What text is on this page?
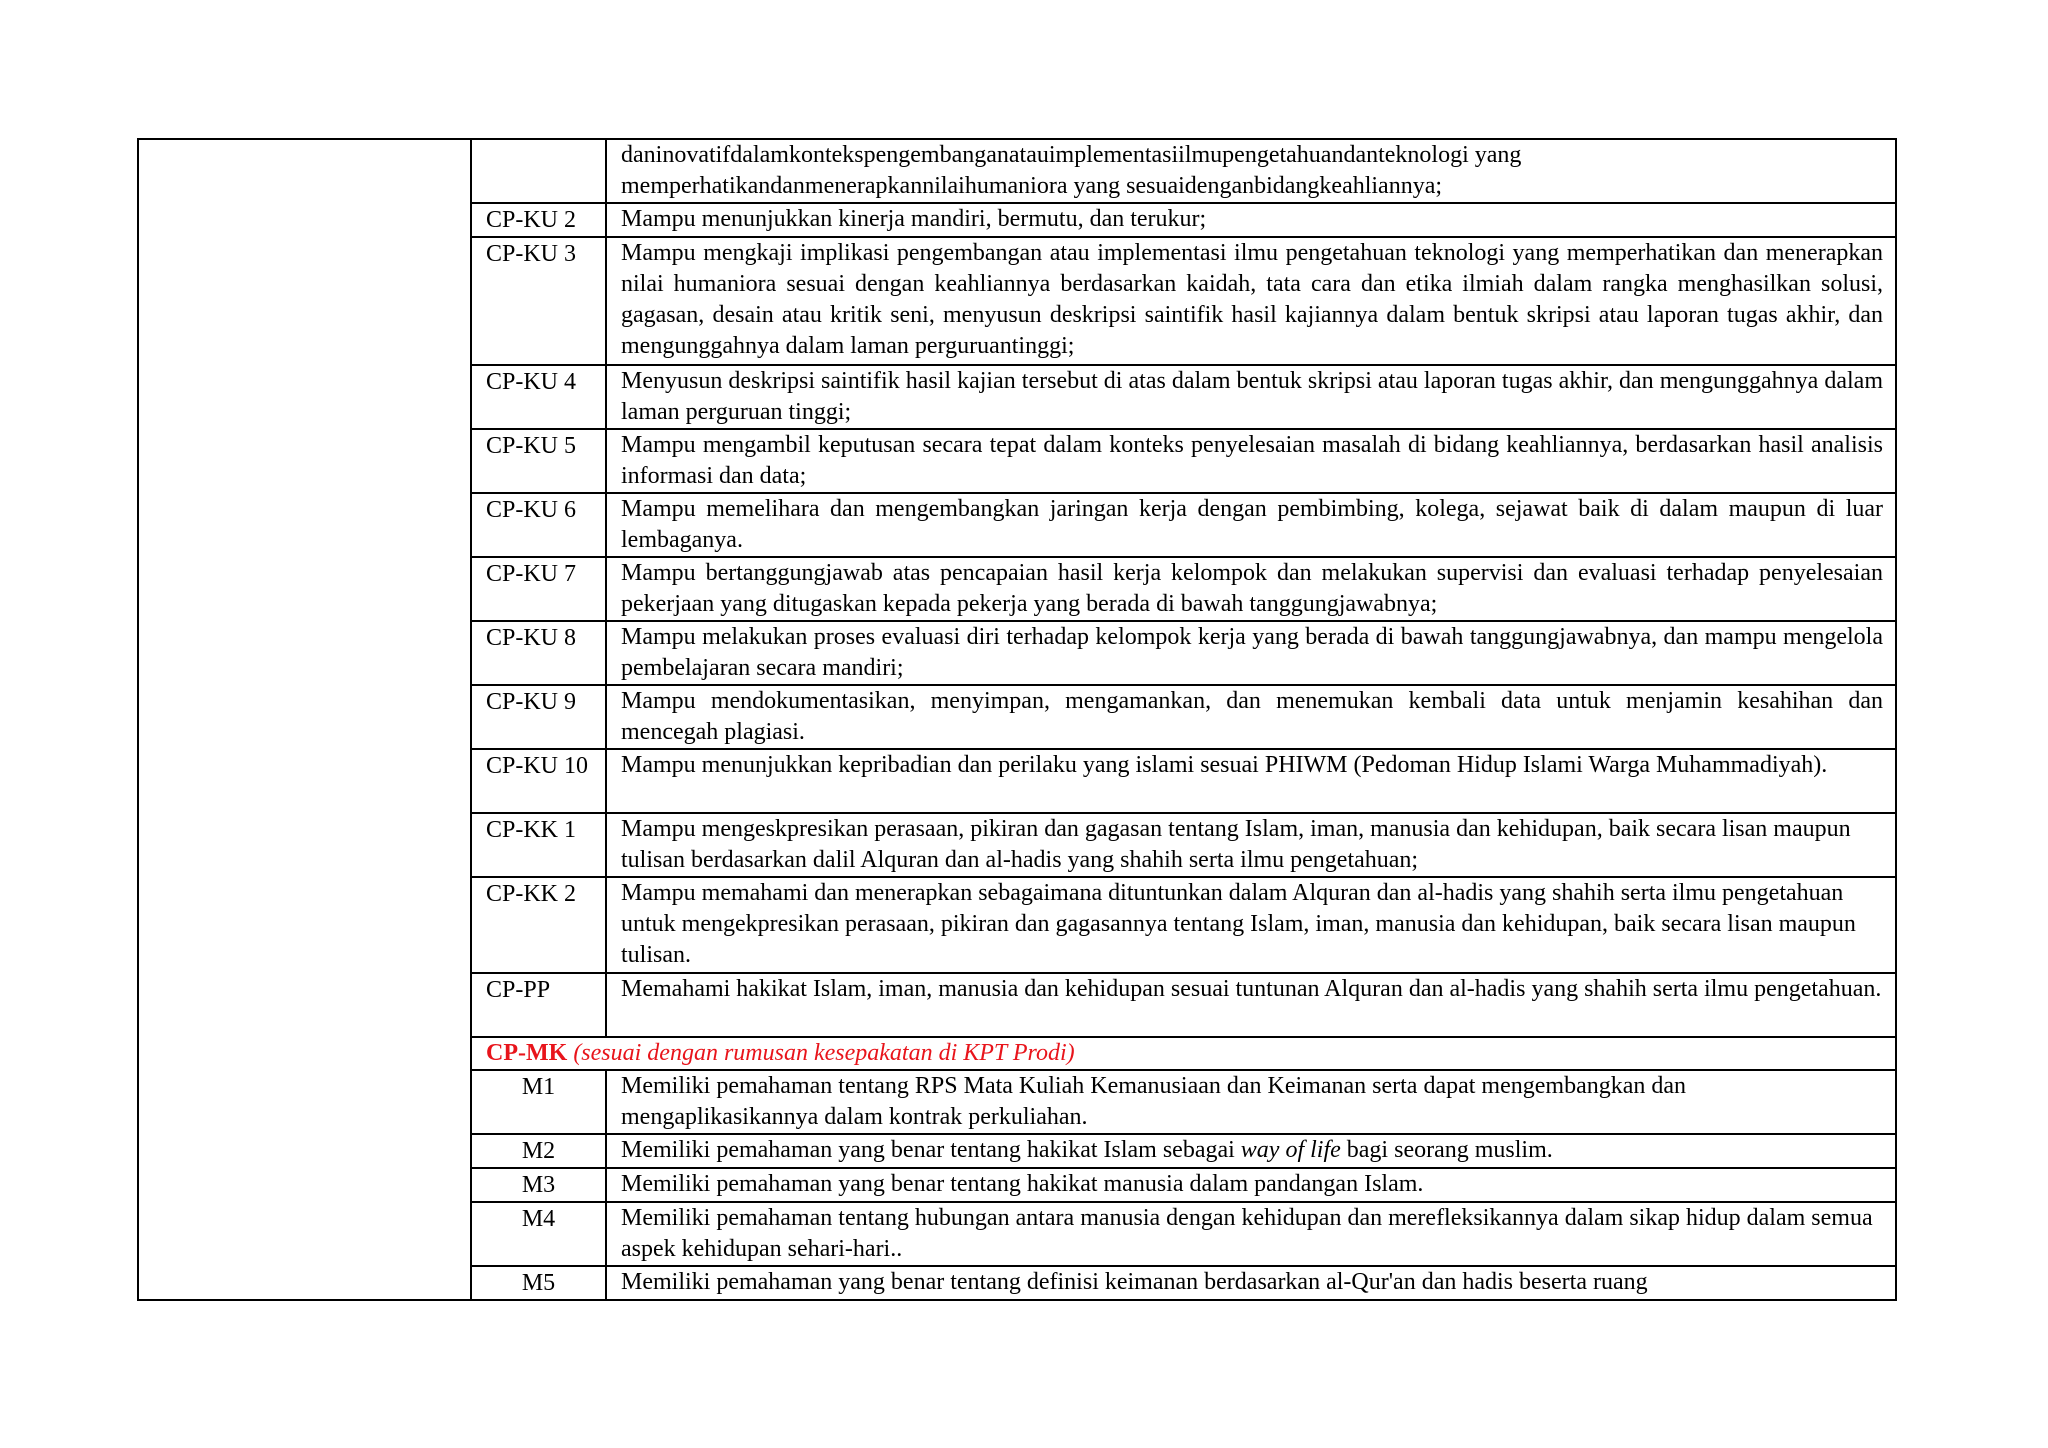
		daninovatifdalamkontekspengembanganatauimplementasiilmupengetahuandanteknologi yang memperhatikandanmenerapkannilaihumaniora yang sesuaidenganbidangkeahliannya;
	CP-KU 2	Mampu menunjukkan kinerja mandiri, bermutu, dan terukur;
	CP-KU 3	Mampu mengkaji implikasi pengembangan atau implementasi ilmu pengetahuan teknologi yang memperhatikan dan menerapkan nilai humaniora sesuai dengan keahliannya berdasarkan kaidah, tata cara dan etika ilmiah dalam rangka menghasilkan solusi, gagasan, desain atau kritik seni, menyusun deskripsi saintifik hasil kajiannya dalam bentuk skripsi atau laporan tugas akhir, dan mengunggahnya dalam laman perguruantinggi;
	CP-KU 4	Menyusun deskripsi saintifik hasil kajian tersebut di atas dalam bentuk skripsi atau laporan tugas akhir, dan mengunggahnya dalam laman perguruan tinggi;
	CP-KU 5	Mampu mengambil keputusan secara tepat dalam konteks penyelesaian masalah di bidang keahliannya, berdasarkan hasil analisis informasi dan data;
	CP-KU 6	Mampu memelihara dan mengembangkan jaringan kerja dengan pembimbing, kolega, sejawat baik di dalam maupun di luar lembaganya.
	CP-KU 7	Mampu bertanggungjawab atas pencapaian hasil kerja kelompok dan melakukan supervisi dan evaluasi terhadap penyelesaian pekerjaan yang ditugaskan kepada pekerja yang berada di bawah tanggungjawabnya;
	CP-KU 8	Mampu melakukan proses evaluasi diri terhadap kelompok kerja yang berada di bawah tanggungjawabnya, dan mampu mengelola pembelajaran secara mandiri;
	CP-KU 9	Mampu mendokumentasikan, menyimpan, mengamankan, dan menemukan kembali data untuk menjamin kesahihan dan mencegah plagiasi.
	CP-KU 10	Mampu menunjukkan kepribadian dan perilaku yang islami sesuai PHIWM (Pedoman Hidup Islami Warga Muhammadiyah).
	CP-KK 1	Mampu mengeskpresikan perasaan, pikiran dan gagasan tentang Islam, iman, manusia dan kehidupan, baik secara lisan maupun tulisan berdasarkan dalil Alquran dan al-hadis yang shahih serta ilmu pengetahuan;
	CP-KK 2	Mampu memahami dan menerapkan sebagaimana dituntunkan dalam Alquran dan al-hadis yang shahih serta ilmu pengetahuan untuk mengekpresikan perasaan, pikiran dan gagasannya tentang Islam, iman, manusia dan kehidupan, baik secara lisan maupun tulisan.
	CP-PP	Memahami hakikat Islam, iman, manusia dan kehidupan sesuai tuntunan Alquran dan al-hadis yang shahih serta ilmu pengetahuan.
	CP-MK (sesuai dengan rumusan kesepakatan di KPT Prodi)	
	M1	Memiliki pemahaman tentang RPS Mata Kuliah Kemanusiaan dan Keimanan serta dapat mengembangkan dan mengaplikasikannya dalam kontrak perkuliahan.
	M2	Memiliki pemahaman yang benar tentang hakikat Islam sebagai way of life bagi seorang muslim.
	M3	Memiliki pemahaman yang benar tentang hakikat manusia dalam pandangan Islam.
	M4	Memiliki pemahaman tentang hubungan antara manusia dengan kehidupan dan merefleksikannya dalam sikap hidup dalam semua aspek kehidupan sehari-hari..
	M5	Memiliki pemahaman yang benar tentang definisi keimanan berdasarkan al-Qur'an dan hadis beserta ruang
